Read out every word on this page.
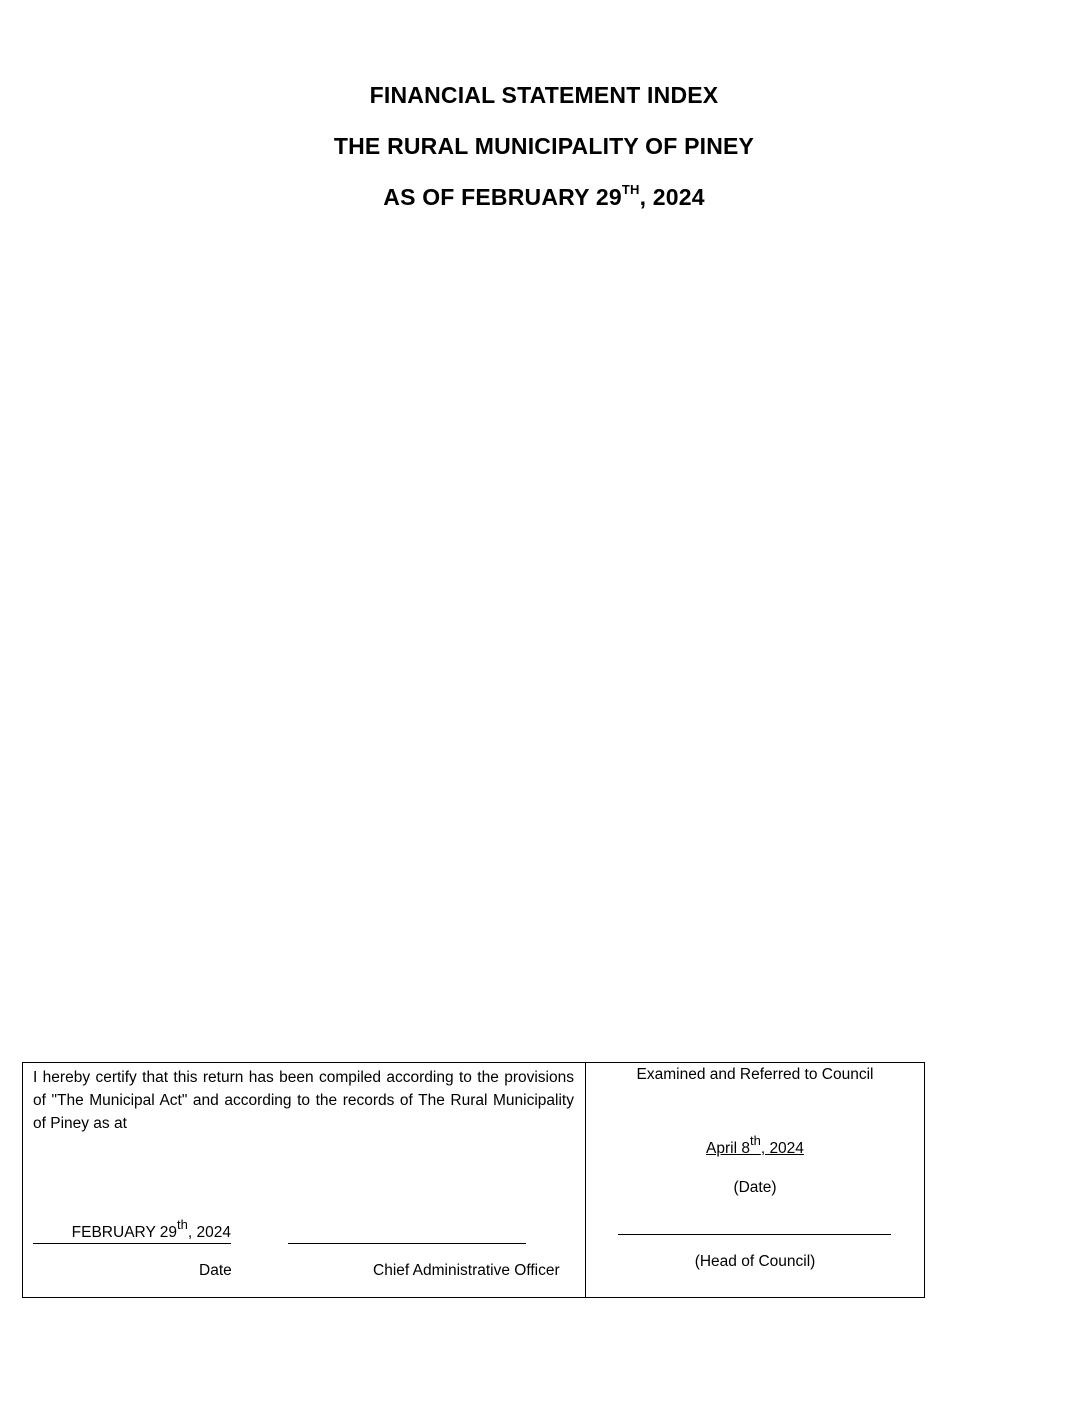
FINANCIAL STATEMENT INDEX
THE RURAL MUNICIPALITY OF PINEY
AS OF FEBRUARY 29TH, 2024
I hereby certify that this return has been compiled according to the provisions of "The Municipal Act" and according to the records of The Rural Municipality of Piney as at
FEBRUARY 29th, 2024
Date	Chief Administrative Officer
Examined and Referred to Council
April 8th, 2024
(Date)
(Head of Council)
